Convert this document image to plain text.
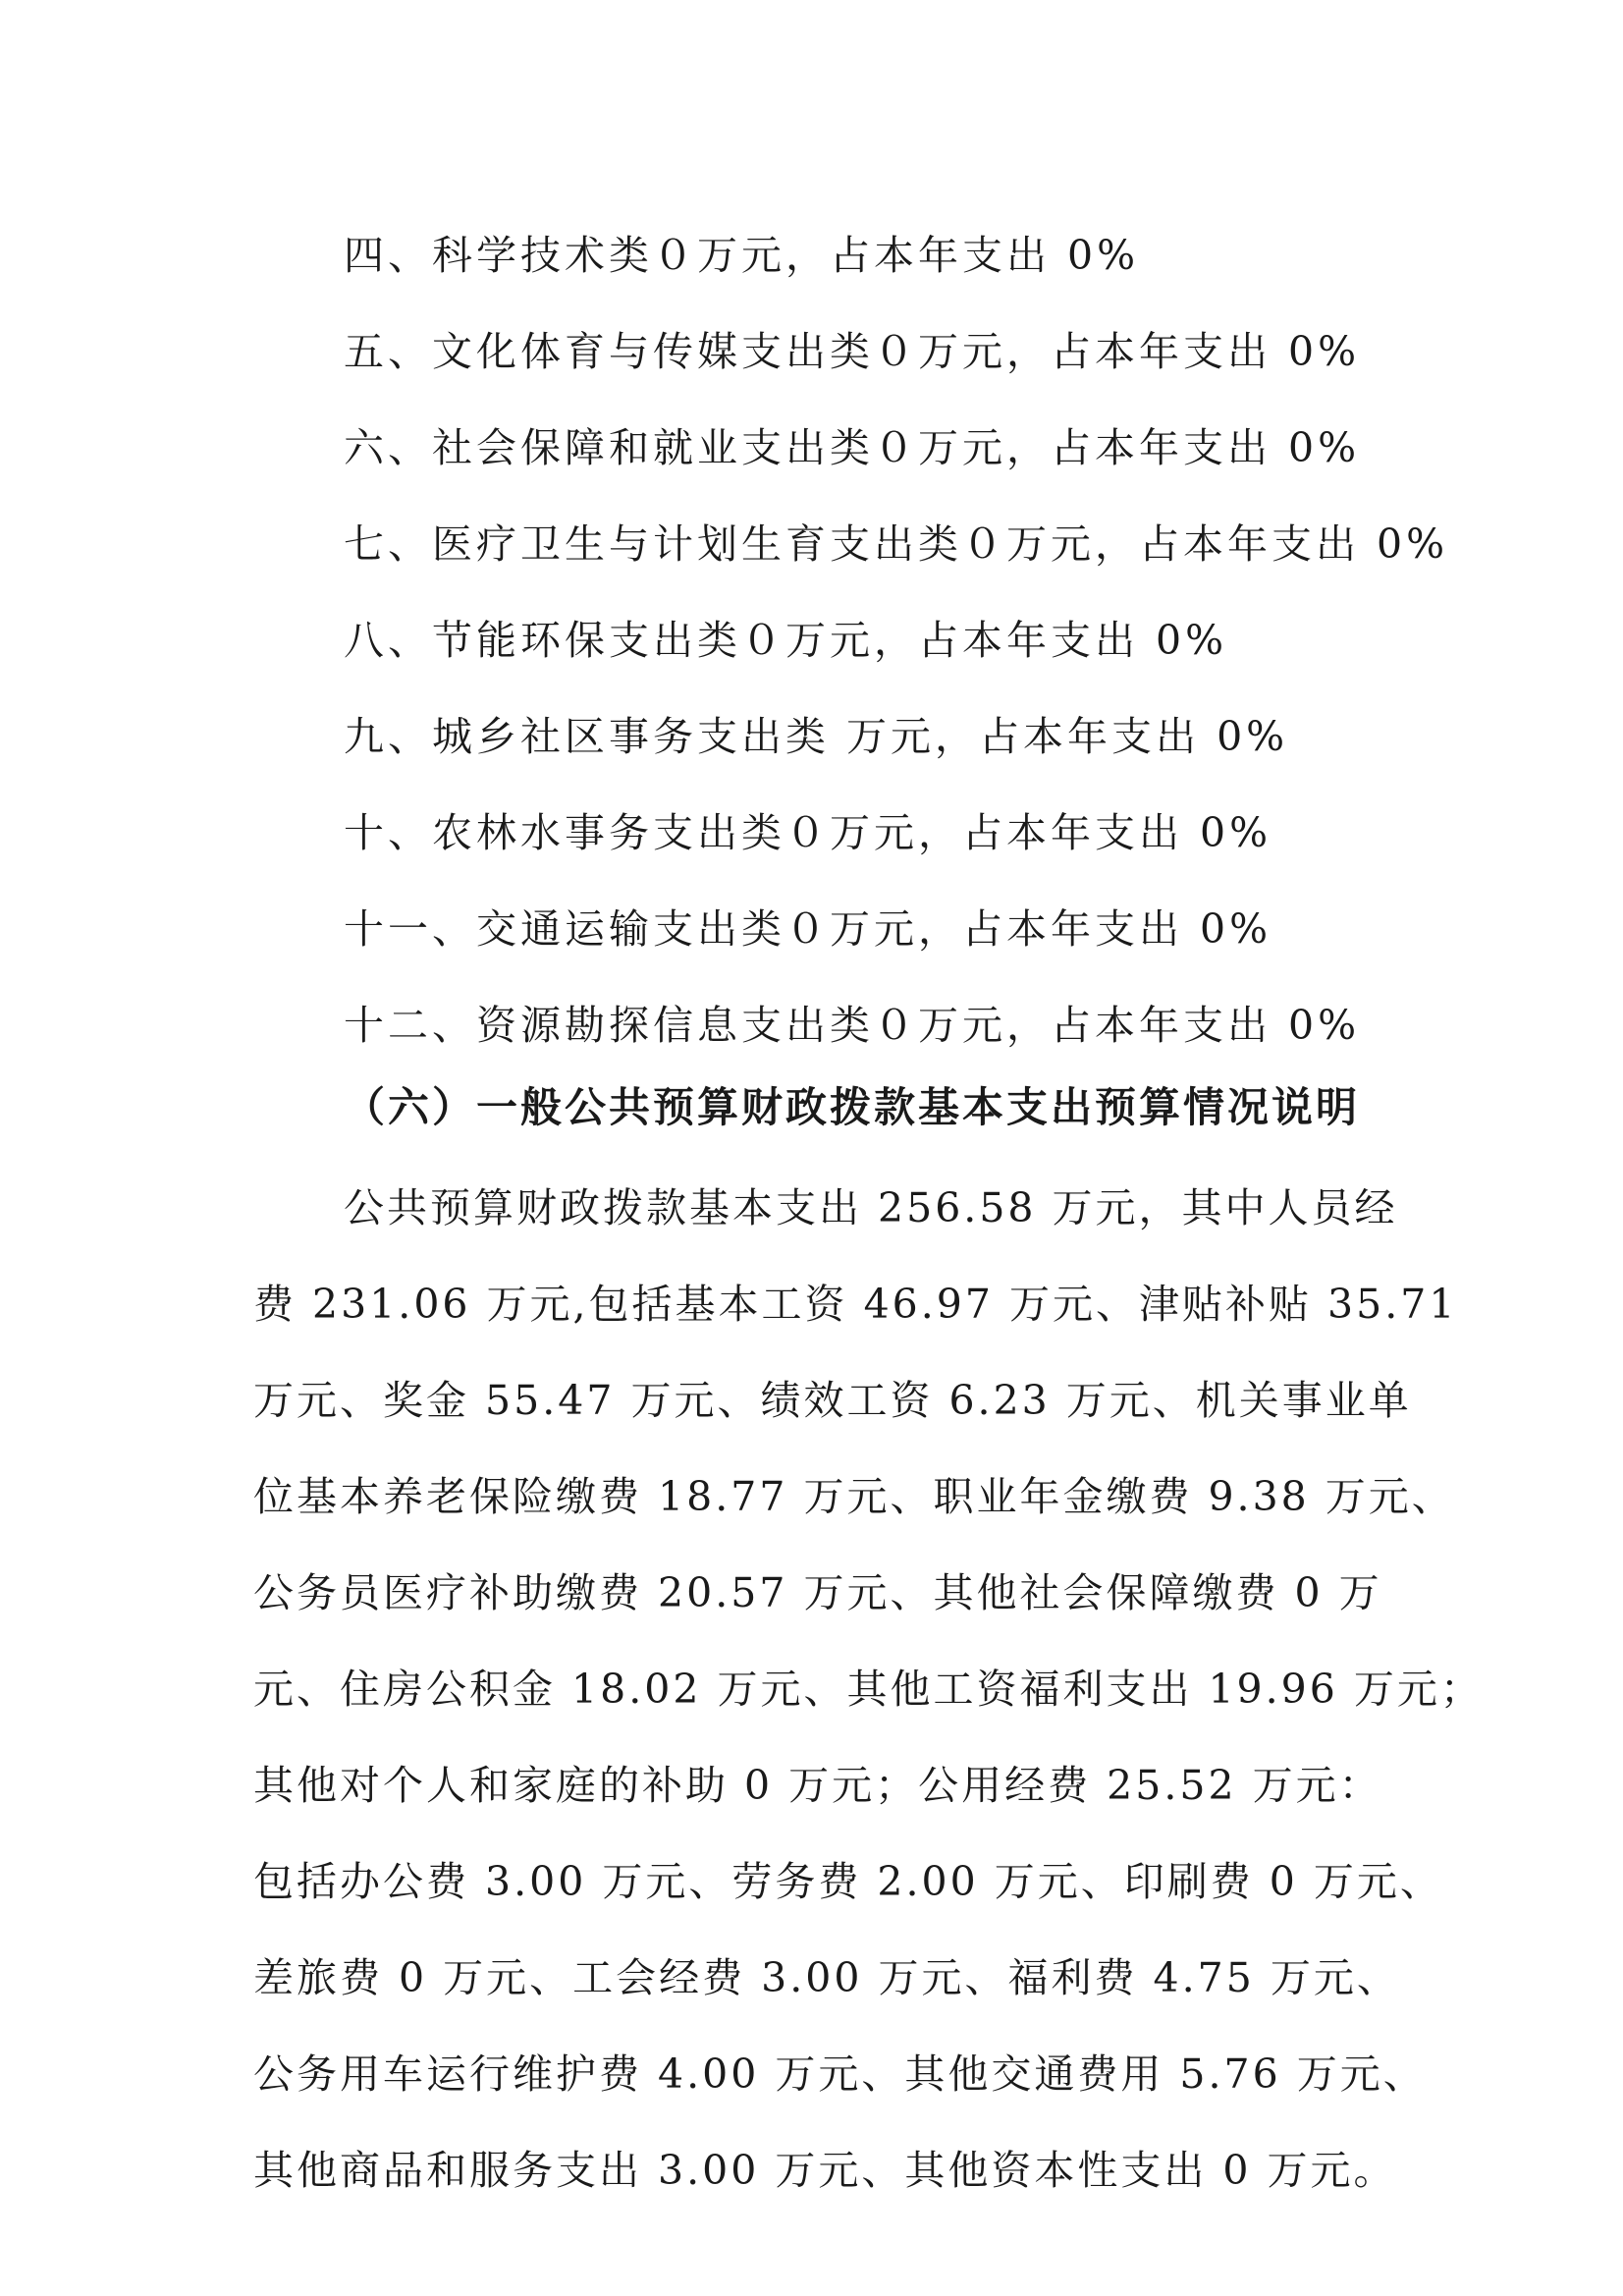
四、科学技术类０万元，占本年支出 0%
五、文化体育与传媒支出类０万元，占本年支出 0%
六、社会保障和就业支出类０万元，占本年支出 0%
七、医疗卫生与计划生育支出类０万元，占本年支出 0%
八、节能环保支出类０万元，占本年支出 0%
九、城乡社区事务支出类 万元，占本年支出 0%
十、农林水事务支出类０万元，占本年支出 0%
十一、交通运输支出类０万元，占本年支出 0%
十二、资源勘探信息支出类０万元，占本年支出 0%
（六）一般公共预算财政拨款基本支出预算情况说明
公共预算财政拨款基本支出 256.58 万元，其中人员经
费 231.06 万元,包括基本工资 46.97 万元、津贴补贴 35.71
万元、奖金 55.47 万元、绩效工资 6.23 万元、机关事业单
位基本养老保险缴费 18.77 万元、职业年金缴费 9.38 万元、
公务员医疗补助缴费 20.57 万元、其他社会保障缴费 0 万
元、住房公积金 18.02 万元、其他工资福利支出 19.96 万元；
其他对个人和家庭的补助 0 万元；公用经费 25.52 万元：
包括办公费 3.00 万元、劳务费 2.00 万元、印刷费 0 万元、
差旅费 0 万元、工会经费 3.00 万元、福利费 4.75 万元、
公务用车运行维护费 4.00 万元、其他交通费用 5.76 万元、
其他商品和服务支出 3.00 万元、其他资本性支出 0 万元。
